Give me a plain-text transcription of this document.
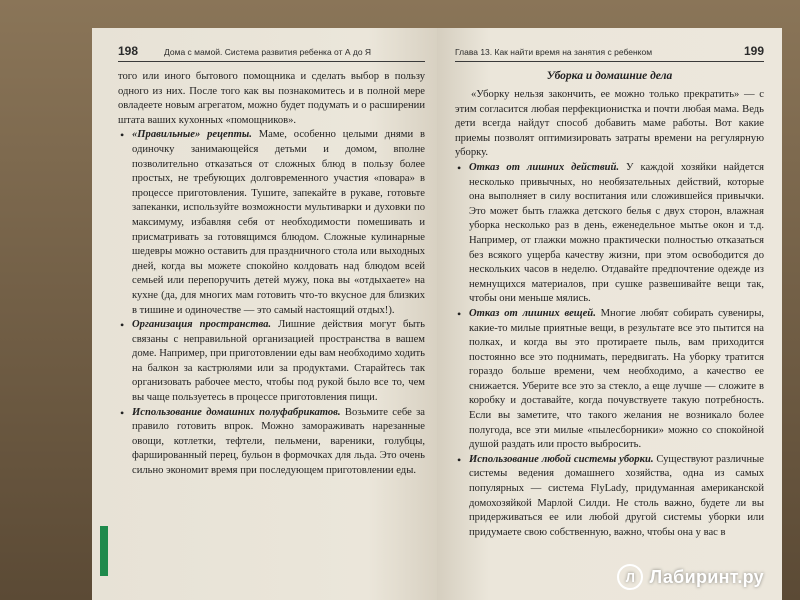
198	Дома с мамой. Система развития ребенка от А до Я

того или иного бытового помощника и сделать выбор в пользу одного из них. После того как вы познакомитесь и в полной мере овладеете новым агрегатом, можно будет подумать и о расширении штата ваших кухонных «помощников».

• «Правильные» рецепты. Маме, особенно целыми днями в одиночку занимающейся детьми и домом, вполне позволительно отказаться от сложных блюд в пользу более простых, не требующих долговременного участия «повара» в процессе приготовления. Тушите, запекайте в рукаве, готовьте запеканки, используйте возможности мультиварки и духовки по максимуму, избавляя себя от необходимости помешивать и присматривать за готовящимся блюдом. Сложные кулинарные шедевры можно оставить для праздничного стола или выходных дней, когда вы можете спокойно колдовать над блюдом всей семьей или перепоручить детей мужу, пока вы «отдыхаете» на кухне (да, для многих мам готовить что-то вкусное для близких в тишине и одиночестве — это самый настоящий отдых!).
• Организация пространства. Лишние действия могут быть связаны с неправильной организацией пространства в вашем доме. Например, при приготовлении еды вам необходимо ходить на балкон за кастрюлями или за продуктами. Старайтесь так организовать рабочее место, чтобы под рукой было все то, чем вы чаще пользуетесь в процессе приготовления пищи.
• Использование домашних полуфабрикатов. Возьмите себе за правило готовить впрок. Можно замораживать нарезанные овощи, котлетки, тефтели, пельмени, вареники, голубцы, фаршированный перец, бульон в формочках для льда. Это очень сильно экономит время при последующем приготовлении еды.
Глава 13. Как найти время на занятия с ребенком	199
Уборка и домашние дела

«Уборку нельзя закончить, ее можно только прекратить» — с этим согласится любая перфекционистка и почти любая мама. Ведь дети всегда найдут способ добавить маме работы. Вот какие приемы позволят оптимизировать затраты времени на регулярную уборку.

• Отказ от лишних действий. У каждой хозяйки найдется несколько привычных, но необязательных действий, которые она выполняет в силу воспитания или сложившейся привычки. Это может быть глажка детского белья с двух сторон, влажная уборка несколько раз в день, еженедельное мытье окон и т.д. Например, от глажки можно практически полностью отказаться без всякого ущерба качеству жизни, при этом освободится до нескольких часов в неделю. Отдавайте предпочтение одежде из немнущихся материалов, при сушке развешивайте вещи так, чтобы они меньше мялись.
• Отказ от лишних вещей. Многие любят собирать сувениры, какие-то милые приятные вещи, в результате все это пытится на полках, и когда вы это протираете пыль, вам приходится постоянно все это поднимать, передвигать. На уборку тратится гораздо больше времени, чем необходимо, а качество ее снижается. Уберите все это за стекло, а еще лучше — сложите в коробку и доставайте, когда почувствуете такую потребность. Если вы заметите, что такого желания не возникало более полугода, все эти милые «пылесборники» можно со спокойной душой раздать или просто выбросить.
• Использование любой системы уборки. Существуют различные системы ведения домашнего хозяйства, одна из самых популярных — система FlyLady, придуманная американской домохозяйкой Марлой Силди. Не столь важно, будете ли вы придерживаться ее или любой другой системы уборки или придумаете свою собственную, важно, чтобы она у вас в
Л Лабиринт.ру
